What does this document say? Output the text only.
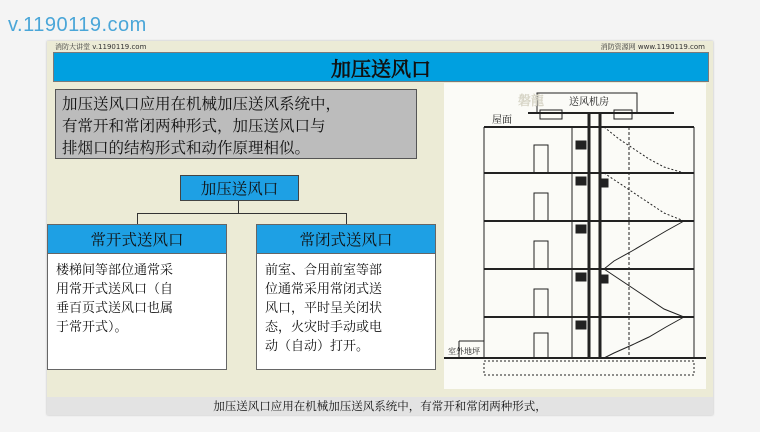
v.1190119.com
消防大讲堂 v.1190119.com	消防资源网 www.1190119.com
加压送风口
加压送风口应用在机械加压送风系统中，
有常开和常闭两种形式，加压送风口与
排烟口的结构形式和动作原理相似。
加压送风口
常开式送风口
楼梯间等部位通常采
用常开式送风口（自
垂百页式送风口也属
于常开式）。
常闭式送风口
前室、合用前室等部
位通常采用常闭式送
风口，平时呈关闭状
态，火灾时手动或电
动（自动）打开。
屋面
送风机房
室外地坪
磐龍
加压送风口应用在机械加压送风系统中，有常开和常闭两种形式，
